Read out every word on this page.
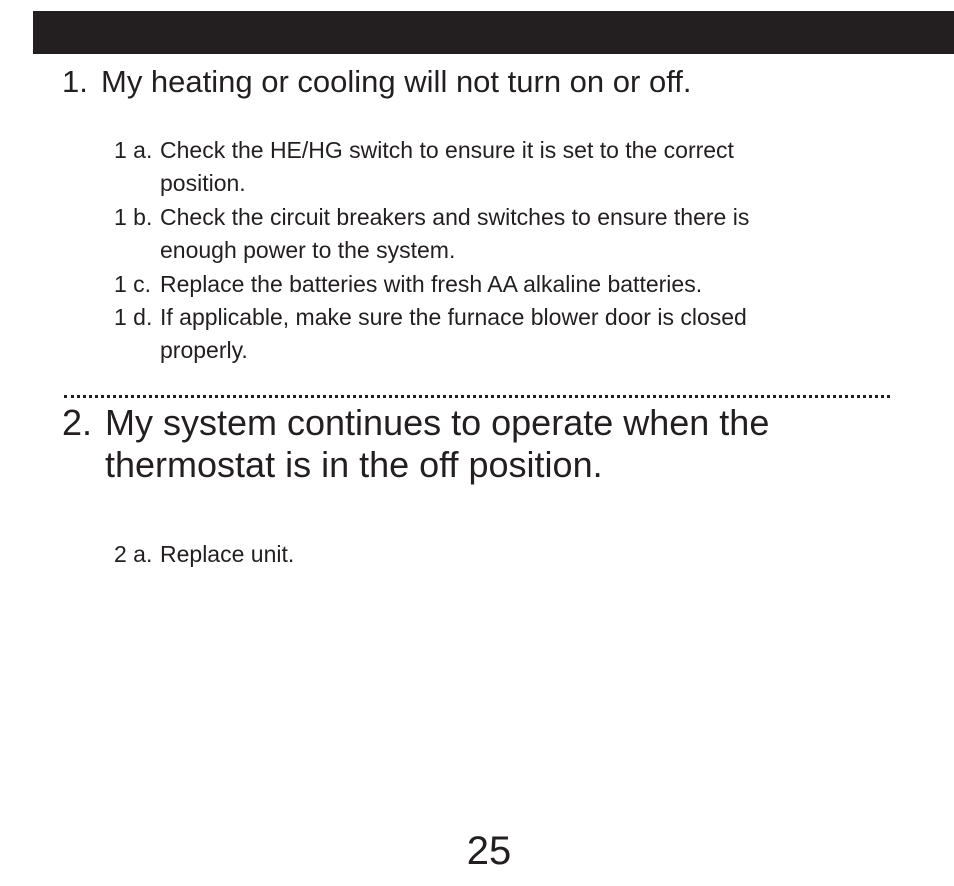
1. My heating or cooling will not turn on or off.
1 a. Check the HE/HG switch to ensure it is set to the correct
position.
1 b. Check the circuit breakers and switches to ensure there is
enough power to the system.
1 c. Replace the batteries with fresh AA alkaline batteries.
1 d. If applicable, make sure the furnace blower door is closed
properly.
2. My system continues to operate when the
thermostat is in the off position.
2 a. Replace unit.
25
